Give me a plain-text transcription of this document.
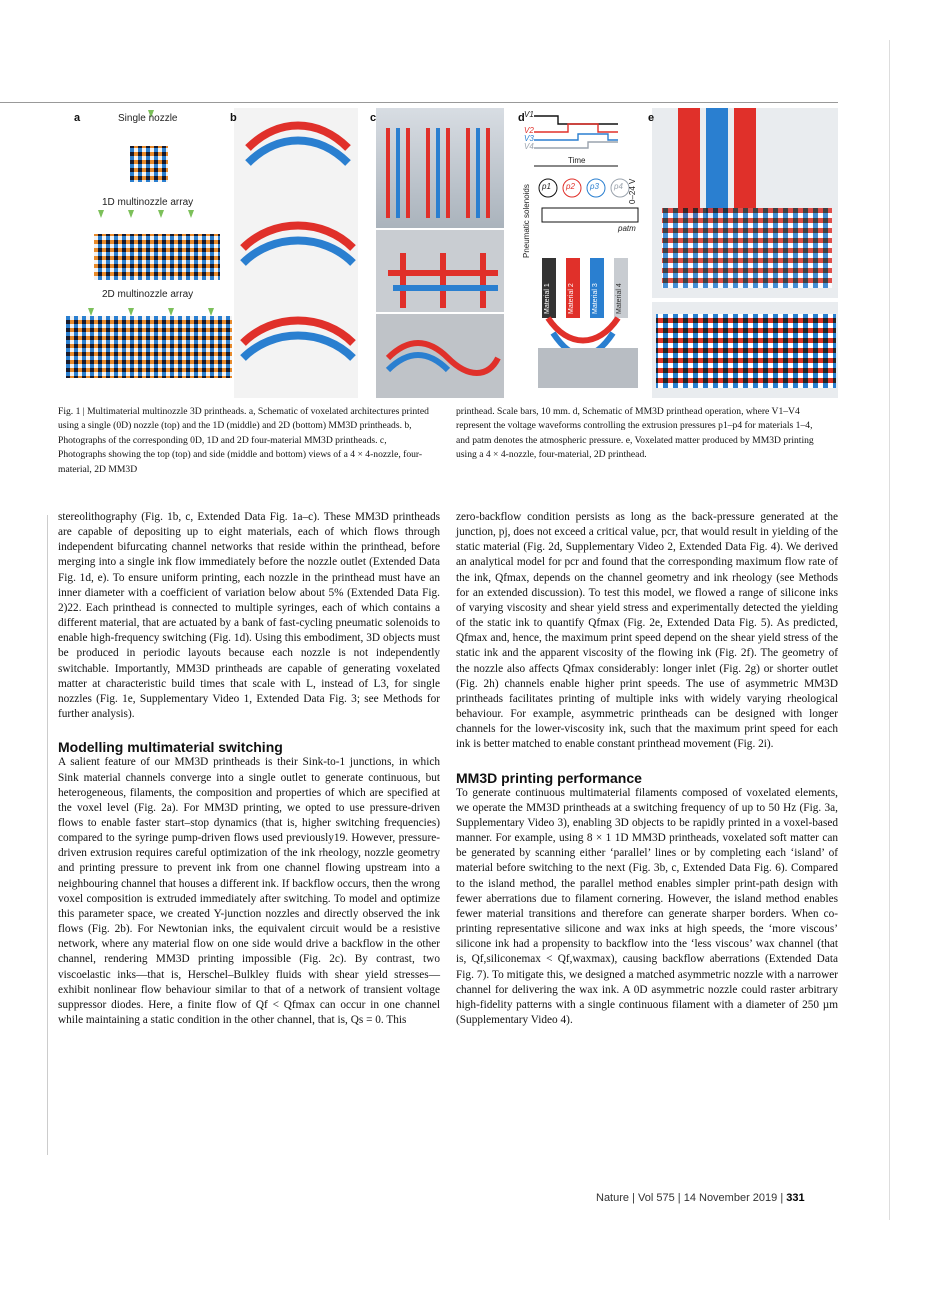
a	b	c	d	e
Single nozzle
1D multinozzle array
2D multinozzle array
V1
V2
V3
V4
Time
p1 p2 p3 p4 0–24 V
patm
Pneumatic solenoids
Material 1 Material 2 Material 3 Material 4
Fig. 1 | Multimaterial multinozzle 3D printheads. a, Schematic of voxelated architectures printed using a single (0D) nozzle (top) and the 1D (middle) and 2D (bottom) MM3D printheads. b, Photographs of the corresponding 0D, 1D and 2D four-material MM3D printheads. c, Photographs showing the top (top) and side (middle and bottom) views of a 4 × 4-nozzle, four-material, 2D MM3D
printhead. Scale bars, 10 mm. d, Schematic of MM3D printhead operation, where V1–V4 represent the voltage waveforms controlling the extrusion pressures p1–p4 for materials 1–4, and patm denotes the atmospheric pressure. e, Voxelated matter produced by MM3D printing using a 4 × 4-nozzle, four-material, 2D printhead.

stereolithography (Fig. 1b, c, Extended Data Fig. 1a–c). These MM3D printheads are capable of depositing up to eight materials, each of which flows through independent bifurcating channel networks that reside within the printhead, before merging into a single ink flow immediately before the nozzle outlet (Extended Data Fig. 1d, e). To ensure uniform printing, each nozzle in the printhead must have an inner diameter with a coefficient of variation below about 5% (Extended Data Fig. 2)22. Each printhead is connected to multiple syringes, each of which contains a different material, that are actuated by a bank of fast-cycling pneumatic solenoids to enable high-frequency switching (Fig. 1d). Using this embodiment, 3D objects must be produced in periodic layouts because each nozzle is not independently switchable. Importantly, MM3D printheads are capable of generating voxelated matter at characteristic build times that scale with L, instead of L3, for single nozzles (Fig. 1e, Supplementary Video 1, Extended Data Fig. 3; see Methods for further analysis).

Modelling multimaterial switching

A salient feature of our MM3D printheads is their Sink-to-1 junctions, in which Sink material channels converge into a single outlet to generate continuous, but heterogeneous, filaments, the composition and properties of which are specified at the voxel level (Fig. 2a). For MM3D printing, we opted to use pressure-driven flows to enable faster start–stop dynamics (that is, higher switching frequencies) compared to the syringe pump-driven flows used previously19. However, pressure-driven extrusion requires careful optimization of the ink rheology, nozzle geometry and printing pressure to prevent ink from one channel flowing upstream into a neighbouring channel that houses a different ink. If backflow occurs, then the wrong voxel composition is extruded immediately after switching. To model and optimize this parameter space, we created Y-junction nozzles and directly observed the ink flows (Fig. 2b). For Newtonian inks, the equivalent circuit would be a resistive network, where any material flow on one side would drive a backflow in the other channel, rendering MM3D printing impossible (Fig. 2c). By contrast, two viscoelastic inks—that is, Herschel–Bulkley fluids with shear yield stresses—exhibit nonlinear flow behaviour similar to that of a network of transient voltage suppressor diodes. Here, a finite flow of Qf < Qfmax can occur in one channel while maintaining a static condition in the other channel, that is, Qs = 0. This

zero-backflow condition persists as long as the back-pressure generated at the junction, pj, does not exceed a critical value, pcr, that would result in yielding of the static material (Fig. 2d, Supplementary Video 2, Extended Data Fig. 4). We derived an analytical model for pcr and found that the corresponding maximum flow rate of the ink, Qfmax, depends on the channel geometry and ink rheology (see Methods for an extended discussion). To test this model, we flowed a range of silicone inks of varying viscosity and shear yield stress and experimentally detected the yielding of the static ink to quantify Qfmax (Fig. 2e, Extended Data Fig. 5). As predicted, Qfmax and, hence, the maximum print speed depend on the shear yield stress of the static ink and the apparent viscosity of the flowing ink (Fig. 2f). The geometry of the nozzle also affects Qfmax considerably: longer inlet (Fig. 2g) or shorter outlet (Fig. 2h) channels enable higher print speeds. The use of asymmetric MM3D printheads facilitates printing of multiple inks with widely varying rheological behaviour. For example, asymmetric printheads can be designed with longer channels for the lower-viscosity ink, such that the maximum print speed for each ink is better matched to enable constant printhead movement (Fig. 2i).

MM3D printing performance

To generate continuous multimaterial filaments composed of voxelated elements, we operate the MM3D printheads at a switching frequency of up to 50 Hz (Fig. 3a, Supplementary Video 3), enabling 3D objects to be rapidly printed in a voxel-based manner. For example, using 8 × 1 1D MM3D printheads, voxelated soft matter can be generated by scanning either ‘parallel’ lines or by completing each ‘island’ of material before switching to the next (Fig. 3b, c, Extended Data Fig. 6). Compared to the island method, the parallel method enables simpler print-path design with fewer aberrations due to filament cornering. However, the island method enables fewer material transitions and therefore can generate sharper borders. When co-printing representative silicone and wax inks at high speeds, the ‘more viscous’ silicone ink had a propensity to backflow into the ‘less viscous’ wax channel (that is, Qf,siliconemax < Qf,waxmax), causing backflow aberrations (Extended Data Fig. 7). To mitigate this, we designed a matched asymmetric nozzle with a narrower channel for delivering the wax ink. A 0D asymmetric nozzle could raster arbitrary high-fidelity patterns with a single continuous filament with a diameter of 250 µm (Supplementary Video 4).

Nature | Vol 575 | 14 November 2019 | 331
